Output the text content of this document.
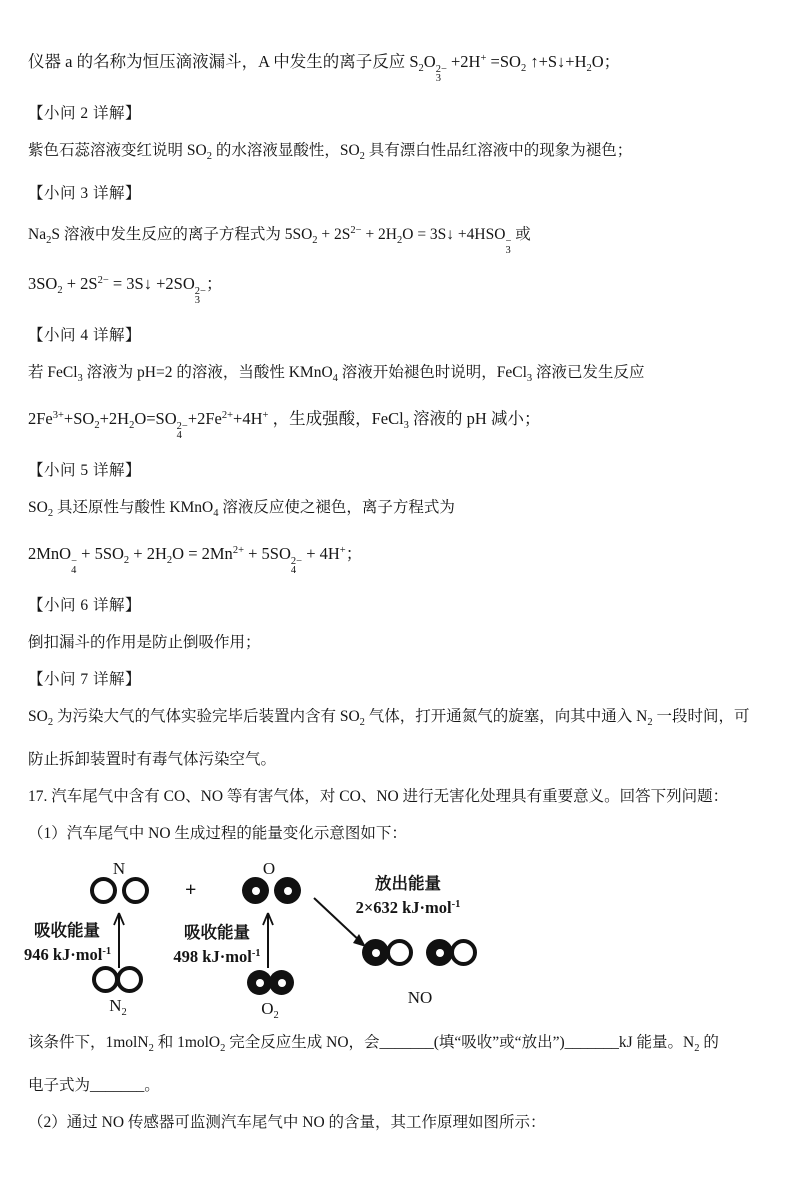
仪器 a 的名称为恒压滴液漏斗，A 中发生的离子反应 $S_2O$ 2−
3
$+2H^+ =SO_2$ $↑+S↓+H_2O$；
【小问 2 详解】
紫色石蕊溶液变红说明 $SO_2$ 的水溶液显酸性，$SO_2$ 具有漂白性品红溶液中的现象为褪色；
【小问 3 详解】
$Na_2S$ 溶液中发生反应的离子方程式为 $5SO_2 + 2S^{2-} + 2H_2O$ = 3S↓ +4HSO −
3
或
$3SO_2 + 2S^{2-}$ = 3S↓ +2SO 2−
3
；
【小问 4 详解】
若 FeCl$_3$ 溶液为 pH=2 的溶液，当酸性 KMnO$_4$ 溶液开始褪色时说明，FeCl$_3$ 溶液已发生反应
$2Fe^{3+}+SO_2+2H_2O=SO$ 2−
4
$+2Fe^{2+}+4H^+$ ，生成强酸，FeCl$_3$ 溶液的 pH 减小；
【小问 5 详解】
$SO_2$ 具还原性与酸性 KMnO$_4$ 溶液反应使之褪色，离子方程式为
2MnO −
4
+ $5SO_2 + 2H_2O = 2Mn^{2+} + 5SO$ 2−
4
+ 4H+；
【小问 6 详解】
倒扣漏斗的作用是防止倒吸作用；
【小问 7 详解】
$SO_2$ 为污染大气的气体实验完毕后装置内含有 $SO_2$ 气体，打开通氮气的旋塞，向其中通入 $N_2$ 一段时间，可
防止拆卸装置时有毒气体污染空气。
17. 汽车尾气中含有 CO、NO 等有害气体，对 CO、NO 进行无害化处理具有重要意义。回答下列问题：
（1）汽车尾气中 NO 生成过程的能量变化示意图如下：
N
+
O
放出能量
2×632 kJ·mol$^{-1}$
吸收能量
946 kJ·mol$^{-1}$
$N_2$
吸收能量
498 kJ·mol$^{-1}$
$O_2$
NO
该条件下，1molN$_2$ 和 1molO$_2$ 完全反应生成 NO，会_______(填“吸收”或“放出”)_______kJ 能量。$N_2$ 的
电子式为_______。
（2）通过 NO 传感器可监测汽车尾气中 NO 的含量，其工作原理如图所示：
